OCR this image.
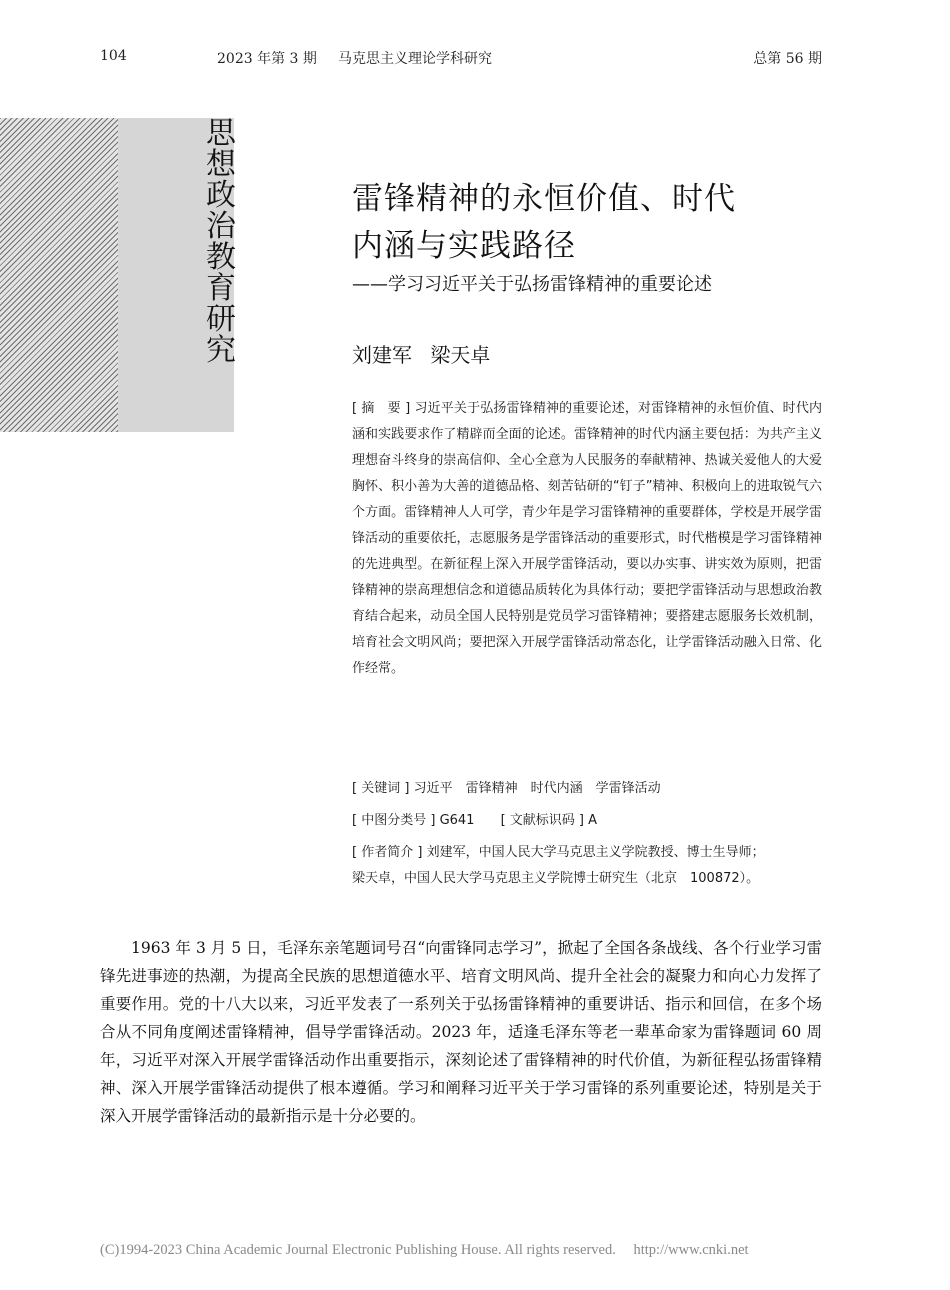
104	2023 年第 3 期 马克思主义理论学科研究	总第 56 期
思想政治教育研究
雷锋精神的永恒价值、时代
内涵与实践路径
——学习习近平关于弘扬雷锋精神的重要论述
刘建军 梁天卓

[ 摘　要 ] 习近平关于弘扬雷锋精神的重要论述，对雷锋精神的永恒价值、时代内涵和实践要求作了精辟而全面的论述。雷锋精神的时代内涵主要包括：为共产主义理想奋斗终身的崇高信仰、全心全意为人民服务的奉献精神、热诚关爱他人的大爱胸怀、积小善为大善的道德品格、刻苦钻研的“钉子”精神、积极向上的进取锐气六个方面。雷锋精神人人可学，青少年是学习雷锋精神的重要群体，学校是开展学雷锋活动的重要依托，志愿服务是学雷锋活动的重要形式，时代楷模是学习雷锋精神的先进典型。在新征程上深入开展学雷锋活动，要以办实事、讲实效为原则，把雷锋精神的崇高理想信念和道德品质转化为具体行动；要把学雷锋活动与思想政治教育结合起来，动员全国人民特别是党员学习雷锋精神；要搭建志愿服务长效机制，培育社会文明风尚；要把深入开展学雷锋活动常态化，让学雷锋活动融入日常、化作经常。

[ 关键词 ] 习近平　雷锋精神　时代内涵　学雷锋活动

[ 中图分类号 ] G641 [ 文献标识码 ] A

[ 作者简介 ] 刘建军，中国人民大学马克思主义学院教授、博士生导师；

梁天卓，中国人民大学马克思主义学院博士研究生（北京　100872）。

1963 年 3 月 5 日，毛泽东亲笔题词号召“向雷锋同志学习”，掀起了全国各条战线、各个行业学习雷锋先进事迹的热潮，为提高全民族的思想道德水平、培育文明风尚、提升全社会的凝聚力和向心力发挥了重要作用。党的十八大以来，习近平发表了一系列关于弘扬雷锋精神的重要讲话、指示和回信，在多个场合从不同角度阐述雷锋精神，倡导学雷锋活动。2023 年，适逢毛泽东等老一辈革命家为雷锋题词 60 周年，习近平对深入开展学雷锋活动作出重要指示，深刻论述了雷锋精神的时代价值，为新征程弘扬雷锋精神、深入开展学雷锋活动提供了根本遵循。学习和阐释习近平关于学习雷锋的系列重要论述，特别是关于深入开展学雷锋活动的最新指示是十分必要的。

(C)1994-2023 China Academic Journal Electronic Publishing House. All rights reserved. http://www.cnki.net
